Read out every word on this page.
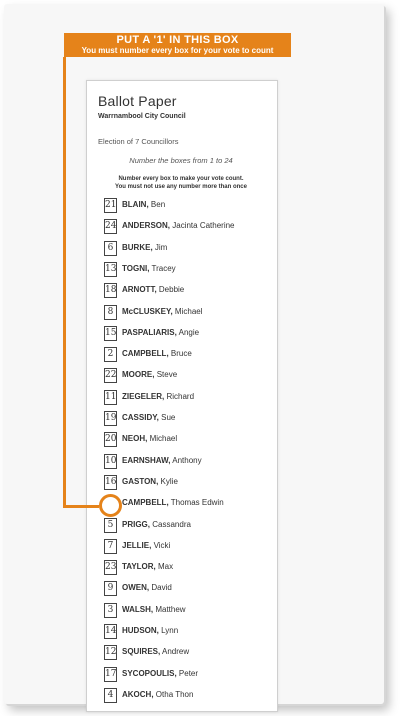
Ballot Paper
Warrnambool City Council
Election of 7 Councillors
Number the boxes from 1 to 24
Number every box to make your vote count.
You must not use any number more than once
21 BLAIN, Ben
24 ANDERSON, Jacinta Catherine
6	BURKE, Jim
13 TOGNI, Tracey
18 ARNOTT, Debbie
8	McCLUSKEY, Michael
15 PASPALIARIS, Angie
2	CAMPBELL, Bruce
22 MOORE, Steve
11 ZIEGELER, Richard
19 CASSIDY, Sue
20 NEOH, Michael
10 EARNSHAW, Anthony
16 GASTON, Kylie
CAMPBELL, Thomas Edwin
5	PRIGG, Cassandra
7	JELLIE, Vicki
23 TAYLOR, Max
9	OWEN, David
3	WALSH, Matthew
14 HUDSON, Lynn
12 SQUIRES, Andrew
17 SYCOPOULIS, Peter
4	AKOCH, Otha Thon
PUT A '1' IN THIS BOX
You must number every box for your vote to count
